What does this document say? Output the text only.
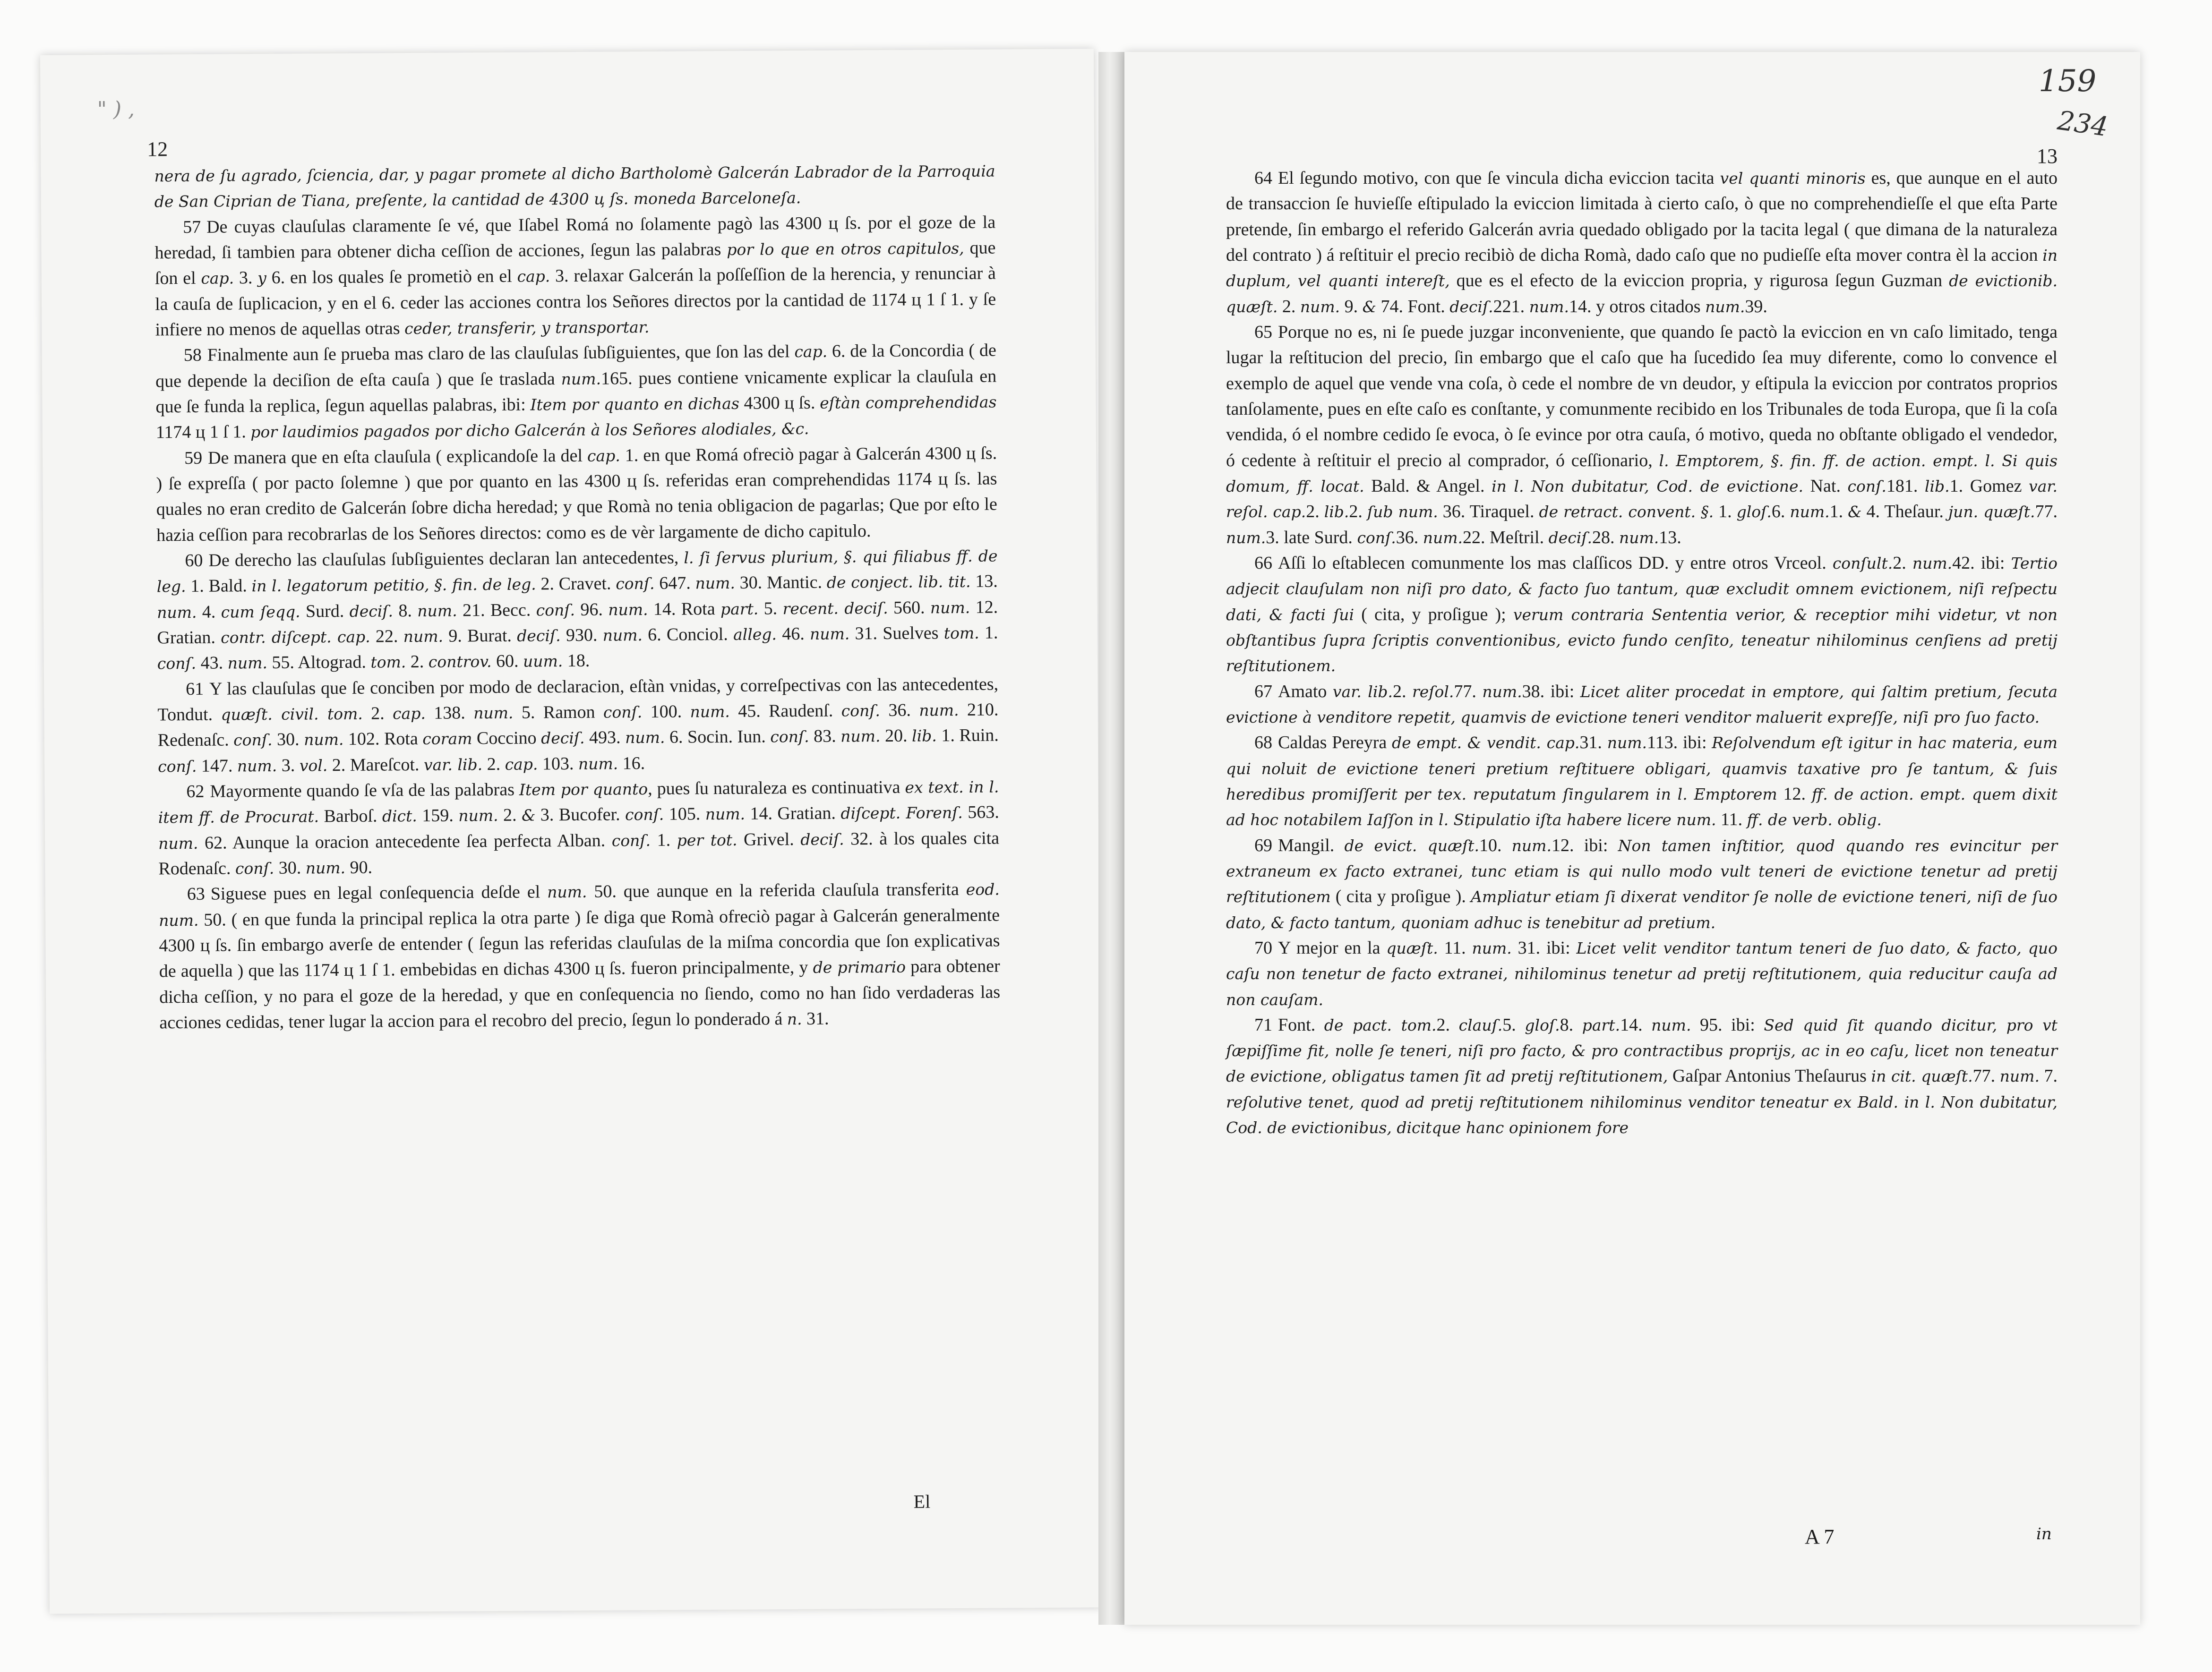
" ) ,
12

nera de ſu agrado, ſciencia, dar, y pagar promete al dicho Bartholomè Galcerán Labrador de la Parroquia de San Ciprian de Tiana, preſente, la cantidad de 4300 ц ſs. moneda Barceloneſa.

57 De cuyas clauſulas claramente ſe vé, que Iſabel Romá no ſolamente pagò las 4300 ц ſs. por el goze de la heredad, ſi tambien para obtener dicha ceſſion de acciones, ſegun las palabras por lo que en otros capitulos, que ſon el cap. 3. y 6. en los quales ſe prometiò en el cap. 3. relaxar Galcerán la poſſeſſion de la herencia, y renunciar à la cauſa de ſuplicacion, y en el 6. ceder las acciones contra los Señores directos por la cantidad de 1174 ц 1 ſ 1. y ſe infiere no menos de aquellas otras ceder, transferir, y transportar.

58 Finalmente aun ſe prueba mas claro de las clauſulas ſubſiguientes, que ſon las del cap. 6. de la Concordia ( de que depende la deciſion de eſta cauſa ) que ſe traslada num.165. pues contiene vnicamente explicar la clauſula en que ſe funda la replica, ſegun aquellas palabras, ibi: Item por quanto en dichas 4300 ц ſs. eſtàn comprehendidas 1174 ц 1 ſ 1. por laudimios pagados por dicho Galcerán à los Señores alodiales, &c.

59 De manera que en eſta clauſula ( explicandoſe la del cap. 1. en que Romá ofreciò pagar à Galcerán 4300 ц ſs. ) ſe expreſſa ( por pacto ſolemne ) que por quanto en las 4300 ц ſs. referidas eran comprehendidas 1174 ц ſs. las quales no eran credito de Galcerán ſobre dicha heredad; y que Romà no tenia obligacion de pagarlas; Que por eſto le hazia ceſſion para recobrarlas de los Señores directos: como es de vèr largamente de dicho capitulo.

60 De derecho las clauſulas ſubſiguientes declaran lan antecedentes, l. ſi ſervus plurium, §. qui filiabus ff. de leg. 1. Bald. in l. legatorum petitio, §. fin. de leg. 2. Cravet. conſ. 647. num. 30. Mantic. de conject. lib. tit. 13. num. 4. cum ſeqq. Surd. deciſ. 8. num. 21. Becc. conſ. 96. num. 14. Rota part. 5. recent. deciſ. 560. num. 12. Gratian. contr. diſcept. cap. 22. num. 9. Burat. deciſ. 930. num. 6. Conciol. alleg. 46. num. 31. Suelves tom. 1. conſ. 43. num. 55. Altograd. tom. 2. controv. 60. uum. 18.

61 Y las clauſulas que ſe conciben por modo de declaracion, eſtàn vnidas, y correſpectivas con las antecedentes, Tondut. quæſt. civil. tom. 2. cap. 138. num. 5. Ramon conſ. 100. num. 45. Raudenſ. conſ. 36. num. 210. Redenaſc. conſ. 30. num. 102. Rota coram Coccino deciſ. 493. num. 6. Socin. Iun. conſ. 83. num. 20. lib. 1. Ruin. conſ. 147. num. 3. vol. 2. Mareſcot. var. lib. 2. cap. 103. num. 16.

62 Mayormente quando ſe vſa de las palabras Item por quanto, pues ſu naturaleza es continuativa ex text. in l. item ff. de Procurat. Barboſ. dict. 159. num. 2. & 3. Bucofer. conſ. 105. num. 14. Gratian. diſcept. Forenſ. 563. num. 62. Aunque la oracion antecedente ſea perfecta Alban. conſ. 1. per tot. Grivel. deciſ. 32. à los quales cita Rodenaſc. conſ. 30. num. 90.

63 Siguese pues en legal conſequencia deſde el num. 50. que aunque en la referida clauſula transferita eod. num. 50. ( en que funda la principal replica la otra parte ) ſe diga que Romà ofreciò pagar à Galcerán generalmente 4300 ц ſs. ſin embargo averſe de entender ( ſegun las referidas clauſulas de la miſma concordia que ſon explicativas de aquella ) que las 1174 ц 1 ſ 1. embebidas en dichas 4300 ц ſs. fueron principalmente, y de primario para obtener dicha ceſſion, y no para el goze de la heredad, y que en conſequencia no ſiendo, como no han ſido verdaderas las acciones cedidas, tener lugar la accion para el recobro del precio, ſegun lo ponderado á n. 31.

El
159
234
13

64 El ſegundo motivo, con que ſe vincula dicha eviccion tacita vel quanti minoris es, que aunque en el auto de transaccion ſe huvieſſe eſtipulado la eviccion limitada à cierto caſo, ò que no comprehendieſſe el que eſta Parte pretende, ſin embargo el referido Galcerán avria quedado obligado por la tacita legal ( que dimana de la naturaleza del contrato ) á reſtituir el precio recibiò de dicha Romà, dado caſo que no pudieſſe eſta mover contra èl la accion in duplum, vel quanti intereſt, que es el efecto de la eviccion propria, y rigurosa ſegun Guzman de evictionib. quæſt. 2. num. 9. & 74. Font. deciſ.221. num.14. y otros citados num.39.

65 Porque no es, ni ſe puede juzgar inconveniente, que quando ſe pactò la eviccion en vn caſo limitado, tenga lugar la reſtitucion del precio, ſin embargo que el caſo que ha ſucedido ſea muy diferente, como lo convence el exemplo de aquel que vende vna coſa, ò cede el nombre de vn deudor, y eſtipula la eviccion por contratos proprios tanſolamente, pues en eſte caſo es conſtante, y comunmente recibido en los Tribunales de toda Europa, que ſi la coſa vendida, ó el nombre cedido ſe evoca, ò ſe evince por otra cauſa, ó motivo, queda no obſtante obligado el vendedor, ó cedente à reſtituir el precio al comprador, ó ceſſionario, l. Emptorem, §. fin. ff. de action. empt. l. Si quis domum, ff. locat. Bald. & Angel. in l. Non dubitatur, Cod. de evictione. Nat. conſ.181. lib.1. Gomez var. reſol. cap.2. lib.2. ſub num. 36. Tiraquel. de retract. convent. §. 1. gloſ.6. num.1. & 4. Theſaur. jun. quæſt.77. num.3. late Surd. conſ.36. num.22. Meſtril. deciſ.28. num.13.

66 Aſſi lo eſtablecen comunmente los mas claſſicos DD. y entre otros Vrceol. conſult.2. num.42. ibi: Tertio adjecit clauſulam non niſi pro dato, & facto ſuo tantum, quæ excludit omnem evictionem, niſi reſpectu dati, & facti ſui ( cita, y proſigue ); verum contraria Sententia verior, & receptior mihi videtur, vt non obſtantibus ſupra ſcriptis conventionibus, evicto fundo cenſito, teneatur nihilominus cenſiens ad pretij reſtitutionem.

67 Amato var. lib.2. reſol.77. num.38. ibi: Licet aliter procedat in emptore, qui ſaltim pretium, ſecuta evictione à venditore repetit, quamvis de evictione teneri venditor maluerit expreſſe, niſi pro ſuo facto.

68 Caldas Pereyra de empt. & vendit. cap.31. num.113. ibi: Reſolvendum eſt igitur in hac materia, eum qui noluit de evictione teneri pretium reſtituere obligari, quamvis taxative pro ſe tantum, & ſuis heredibus promiſſerit per tex. reputatum ſingularem in l. Emptorem 12. ff. de action. empt. quem dixit ad hoc notabilem Iaſſon in l. Stipulatio iſta habere licere num. 11. ff. de verb. oblig.

69 Mangil. de evict. quæſt.10. num.12. ibi: Non tamen inſtitior, quod quando res evincitur per extraneum ex facto extranei, tunc etiam is qui nullo modo vult teneri de evictione tenetur ad pretij reſtitutionem ( cita y proſigue ). Ampliatur etiam ſi dixerat venditor ſe nolle de evictione teneri, niſi de ſuo dato, & facto tantum, quoniam adhuc is tenebitur ad pretium.

70 Y mejor en la quæſt. 11. num. 31. ibi: Licet velit venditor tantum teneri de ſuo dato, & facto, quo caſu non tenetur de facto extranei, nihilominus tenetur ad pretij reſtitutionem, quia reducitur cauſa ad non cauſam.

71 Font. de pact. tom.2. clauſ.5. gloſ.8. part.14. num. 95. ibi: Sed quid ſit quando dicitur, pro vt ſæpiſſime fit, nolle ſe teneri, niſi pro facto, & pro contractibus proprijs, ac in eo caſu, licet non teneatur de evictione, obligatus tamen ſit ad pretij reſtitutionem, Gaſpar Antonius Theſaurus in cit. quæſt.77. num. 7. reſolutive tenet, quod ad pretij reſtitutionem nihilominus venditor teneatur ex Bald. in l. Non dubitatur, Cod. de evictionibus, dicitque hanc opinionem fore

A 7	in
